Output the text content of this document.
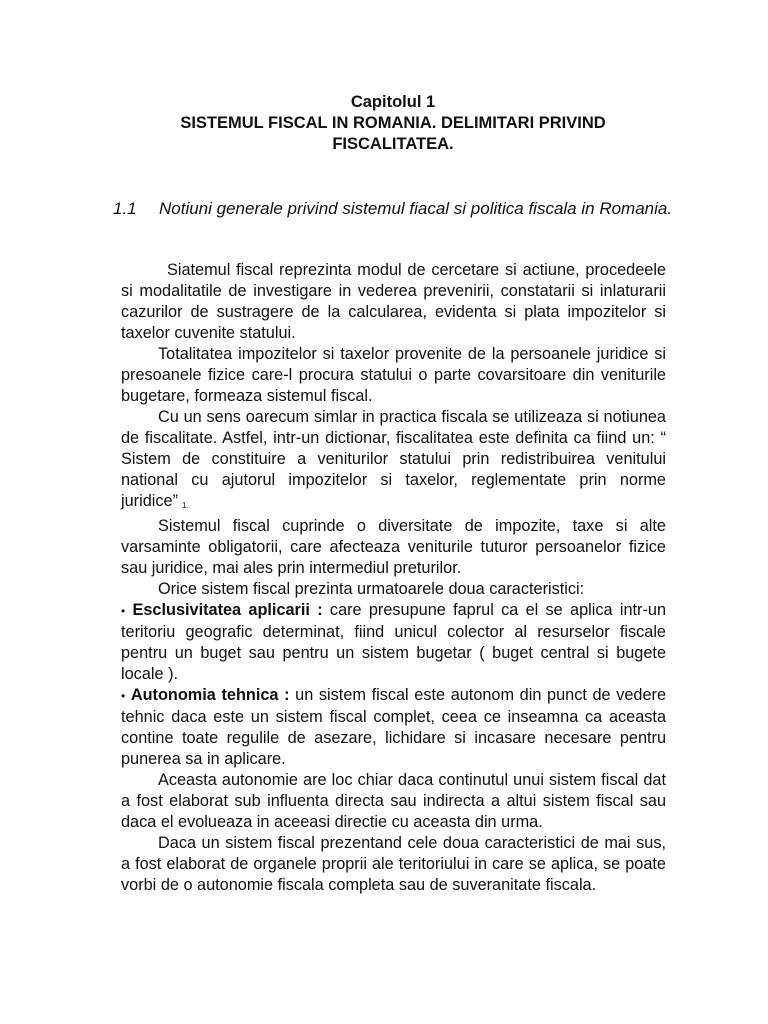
Capitolul 1
SISTEMUL FISCAL IN ROMANIA. DELIMITARI PRIVIND
FISCALITATEA.
1.1 Notiuni generale privind sistemul fiacal si politica fiscala in Romania.

Siatemul fiscal reprezinta modul de cercetare si actiune, procedeele si modalitatile de investigare in vederea prevenirii, constatarii si inlaturarii cazurilor de sustragere de la calcularea, evidenta si plata impozitelor si taxelor cuvenite statului.

Totalitatea impozitelor si taxelor provenite de la persoanele juridice si presoanele fizice care-l procura statului o parte covarsitoare din veniturile bugetare, formeaza sistemul fiscal.

Cu un sens oarecum simlar in practica fiscala se utilizeaza si notiunea de fiscalitate. Astfel, intr-un dictionar, fiscalitatea este definita ca fiind un: “ Sistem de constituire a veniturilor statului prin redistribuireа venitului national cu ajutorul impozitelor si taxelor, reglementate prin norme juridice” $^{1.}$

Sistemul fiscal cuprinde o diversitate de impozite, taxe si alte varsaminte obligatorii, care afecteaza veniturile tuturor persoanelor fizice sau juridice, mai ales prin intermediul preturilor.

Orice sistem fiscal prezinta urmatoarele doua caracteristici:

• Esclusivitatea aplicarii : care presupune faprul ca el se aplica intr-un teritoriu geografic determinat, fiind unicul colector al resurselor fiscale pentru un buget sau pentru un sistem bugetar ( buget central si bugete locale ).

• Autonomia tehnica : un sistem fiscal este autonom din punct de vedere tehnic daca este un sistem fiscal complet, ceea ce inseamna ca aceasta contine toate regulile de asezare, lichidare si incasare necesare pentru punerea sa in aplicare.

Aceasta autonomie are loc chiar daca continutul unui sistem fiscal dat a fost elaborat sub influenta directa sau indirecta a altui sistem fiscal sau daca el evolueaza in aceeasi directie cu aceasta din urma.

Daca un sistem fiscal prezentand cele doua caracteristici de mai sus, a fost elaborat de organele proprii ale teritoriului in care se aplica, se poate vorbi de o autonomie fiscala completa sau de suveranitate fiscala.
